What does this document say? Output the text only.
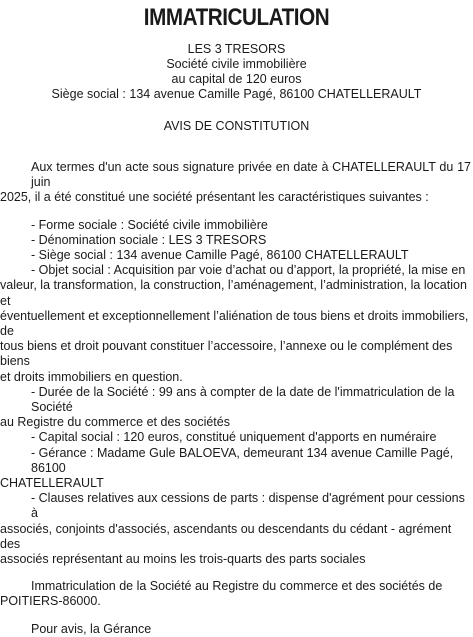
IMMATRICULATION
LES 3 TRESORS
Société civile immobilière
au capital de 120 euros
Siège social : 134 avenue Camille Pagé, 86100 CHATELLERAULT
AVIS DE CONSTITUTION
Aux termes d'un acte sous signature privée en date à CHATELLERAULT du 17 juin
2025, il a été constitué une société présentant les caractéristiques suivantes :
- Forme sociale : Société civile immobilière
- Dénomination sociale : LES 3 TRESORS
- Siège social : 134 avenue Camille Pagé, 86100 CHATELLERAULT
- Objet social : Acquisition par voie d’achat ou d’apport, la propriété, la mise en
valeur, la transformation, la construction, l’aménagement, l’administration, la location et
éventuellement et exceptionnellement l’aliénation de tous biens et droits immobiliers, de
tous biens et droit pouvant constituer l’accessoire, l’annexe ou le complément des biens
et droits immobiliers en question.
- Durée de la Société : 99 ans à compter de la date de l'immatriculation de la Société
au Registre du commerce et des sociétés
- Capital social : 120 euros, constitué uniquement d'apports en numéraire
- Gérance : Madame Gule BALOEVA, demeurant 134 avenue Camille Pagé, 86100
CHATELLERAULT
- Clauses relatives aux cessions de parts : dispense d'agrément pour cessions à
associés, conjoints d'associés, ascendants ou descendants du cédant - agrément des
associés représentant au moins les trois-quarts des parts sociales
Immatriculation de la Société au Registre du commerce et des sociétés de
POITIERS-86000.
Pour avis, la Gérance
